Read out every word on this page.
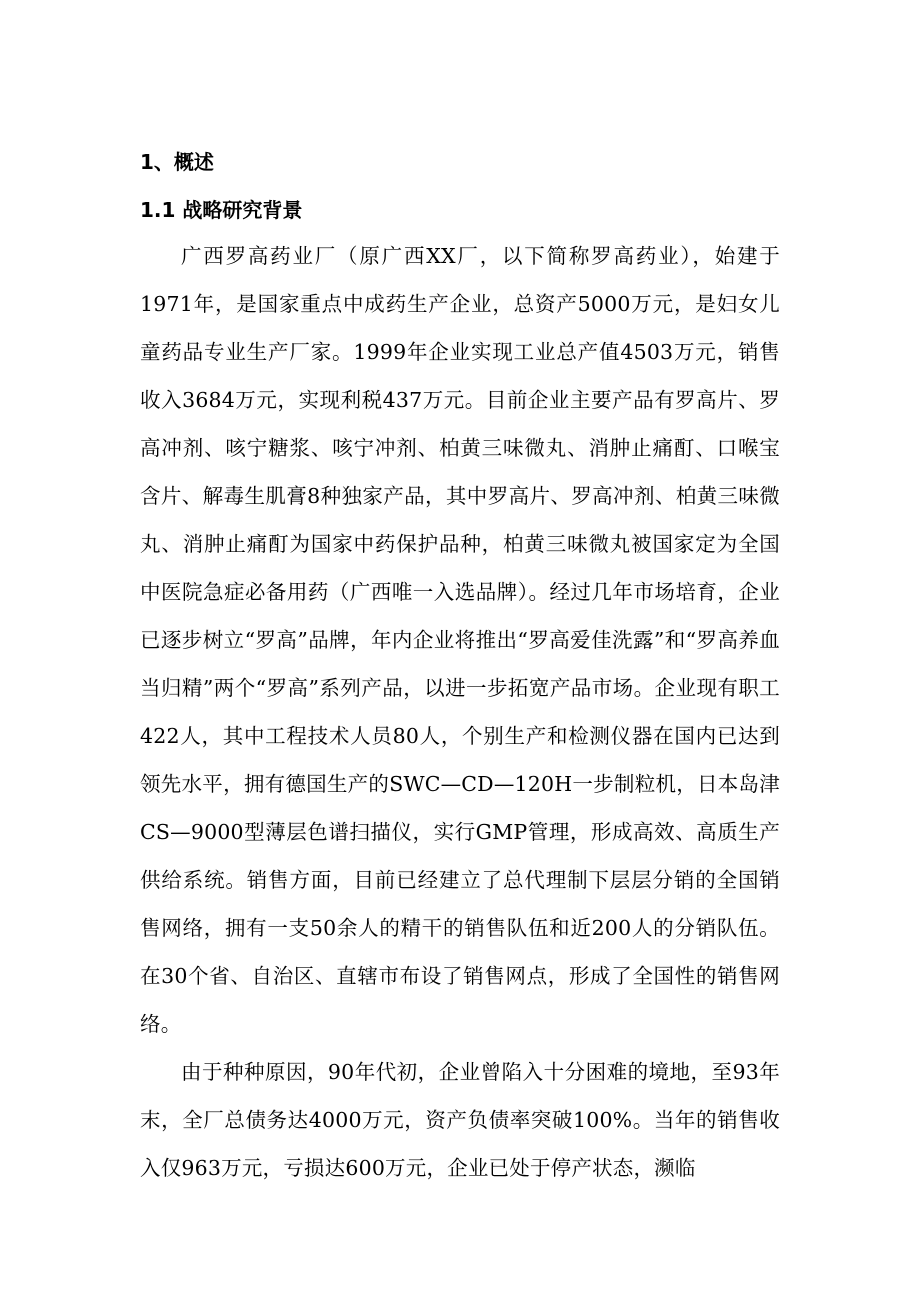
1、概述
1.1 战略研究背景

广西罗高药业厂（原广西XX厂，以下简称罗高药业），始建于1971年，是国家重点中成药生产企业，总资产5000万元，是妇女儿童药品专业生产厂家。1999年企业实现工业总产值4503万元，销售收入3684万元，实现利税437万元。目前企业主要产品有罗高片、罗高冲剂、咳宁糖浆、咳宁冲剂、柏黄三味微丸、消肿止痛酊、口喉宝含片、解毒生肌膏8种独家产品，其中罗高片、罗高冲剂、柏黄三味微丸、消肿止痛酊为国家中药保护品种，柏黄三味微丸被国家定为全国中医院急症必备用药（广西唯一入选品牌）。经过几年市场培育，企业已逐步树立“罗高”品牌，年内企业将推出“罗高爱佳洗露”和“罗高养血当归精”两个“罗高”系列产品，以进一步拓宽产品市场。企业现有职工422人，其中工程技术人员80人，个别生产和检测仪器在国内已达到领先水平，拥有德国生产的SWC—CD—120H一步制粒机，日本岛津CS—9000型薄层色谱扫描仪，实行GMP管理，形成高效、高质生产供给系统。销售方面，目前已经建立了总代理制下层层分销的全国销售网络，拥有一支50余人的精干的销售队伍和近200人的分销队伍。在30个省、自治区、直辖市布设了销售网点，形成了全国性的销售网络。

由于种种原因，90年代初，企业曾陷入十分困难的境地，至93年末，全厂总债务达4000万元，资产负债率突破100%。当年的销售收入仅963万元，亏损达600万元，企业已处于停产状态，濒临
